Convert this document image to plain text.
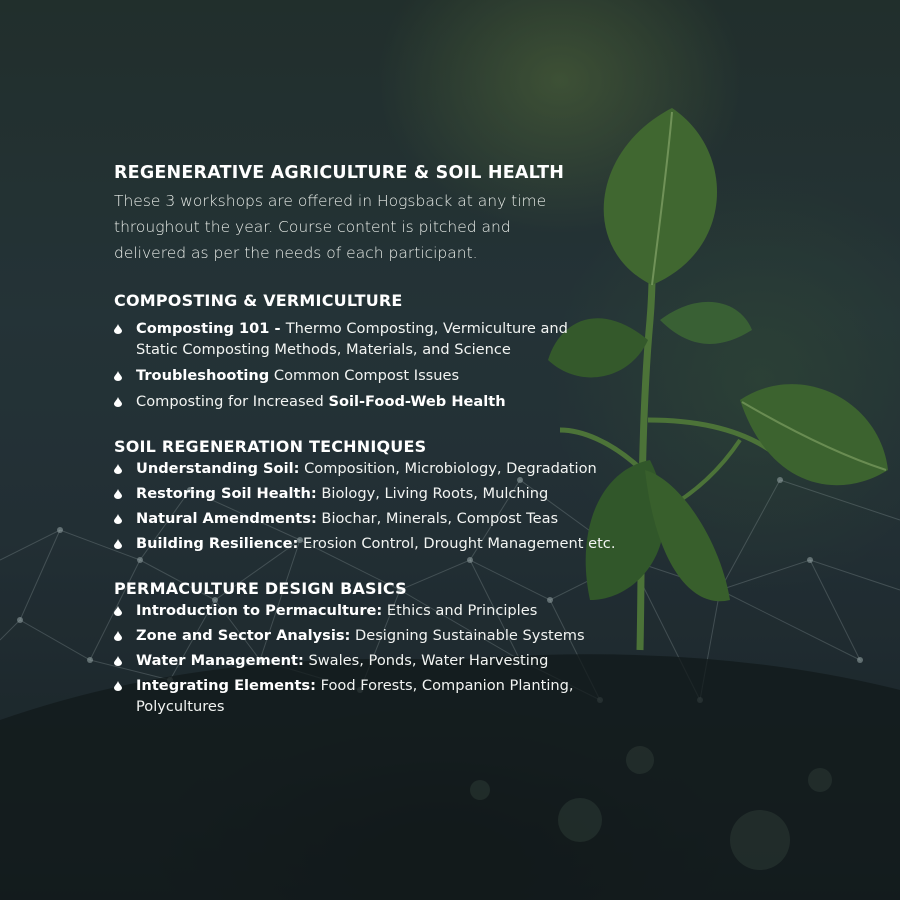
REGENERATIVE AGRICULTURE & SOIL HEALTH

These 3 workshops are offered in Hogsback at any time throughout the year. Course content is pitched and delivered as per the needs of each participant.

COMPOSTING & VERMICULTURE
Composting 101 - Thermo Composting, Vermiculture and
Static Composting Methods, Materials, and Science
Troubleshooting Common Compost Issues
Composting for Increased Soil-Food-Web Health
SOIL REGENERATION TECHNIQUES
Understanding Soil: Composition, Microbiology, Degradation
Restoring Soil Health: Biology, Living Roots, Mulching
Natural Amendments: Biochar, Minerals, Compost Teas
Building Resilience: Erosion Control, Drought Management etc.
PERMACULTURE DESIGN BASICS
Introduction to Permaculture: Ethics and Principles
Zone and Sector Analysis: Designing Sustainable Systems
Water Management: Swales, Ponds, Water Harvesting
Integrating Elements: Food Forests, Companion Planting,
Polycultures
